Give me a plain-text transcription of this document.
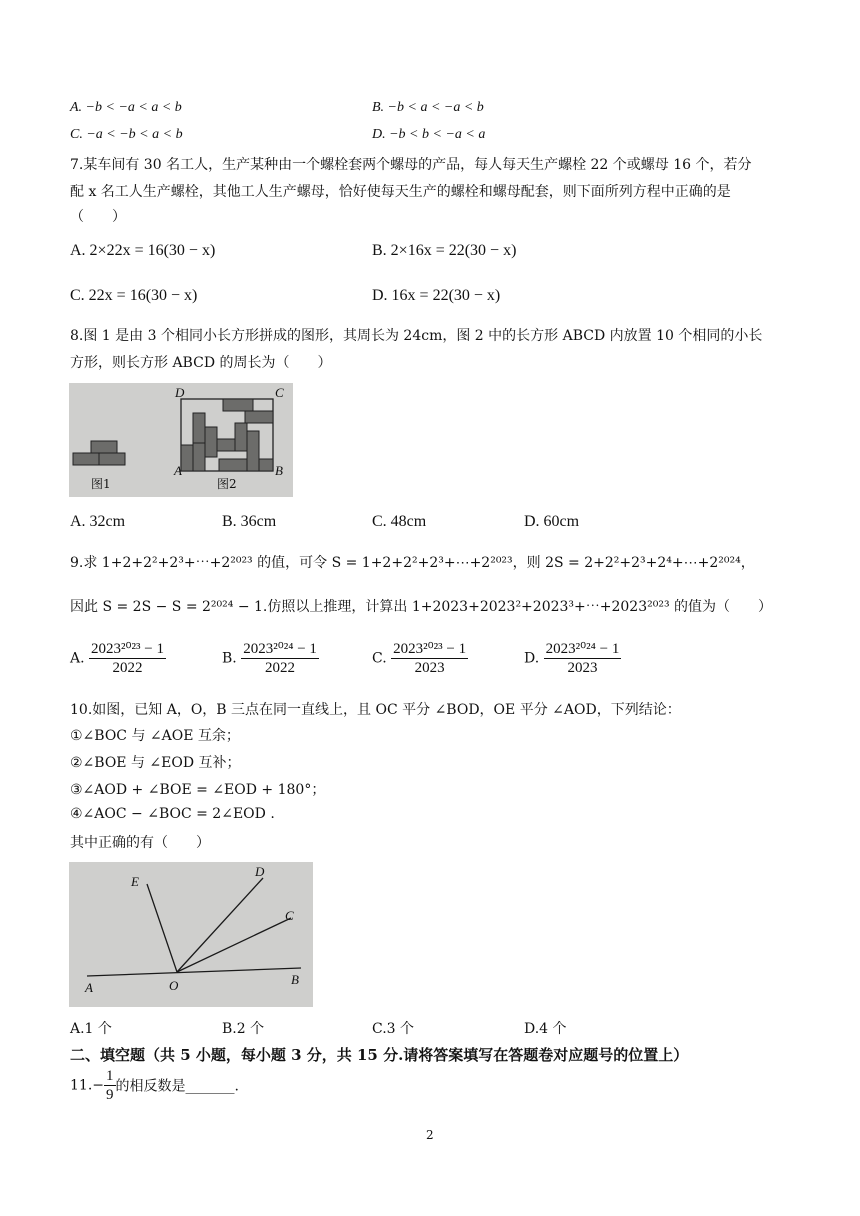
A. −b < −a < a < b	B. −b < a < −a < b
C. −a < −b < a < b	D. −b < b < −a < a
7.某车间有 30 名工人，生产某种由一个螺栓套两个螺母的产品，每人每天生产螺栓 22 个或螺母 16 个，若分
配 x 名工人生产螺栓，其他工人生产螺母，恰好使每天生产的螺栓和螺母配套，则下面所列方程中正确的是
（　　）
A. 2×22x = 16(30 − x)	B. 2×16x = 22(30 − x)
C. 22x = 16(30 − x)	D. 16x = 22(30 − x)
8.图 1 是由 3 个相同小长方形拼成的图形，其周长为 24cm，图 2 中的长方形 ABCD 内放置 10 个相同的小长
方形，则长方形 ABCD 的周长为（　　）
D	C
A	B
图1	图2
A. 32cm	B. 36cm	C. 48cm	D. 60cm
9.求 1+2+2²+2³+⋯+2²⁰²³ 的值，可令 S = 1+2+2²+2³+⋯+2²⁰²³，则 2S = 2+2²+2³+2⁴+⋯+2²⁰²⁴，
因此 S = 2S − S = 2²⁰²⁴ − 1.仿照以上推理，计算出 1+2023+2023²+2023³+⋯+2023²⁰²³ 的值为（　　）
A. $\frac{\text{2023²⁰²³ − 1}}{2022}$	B. $\frac{\text{2023²⁰²⁴ − 1}}{2022}$	C. $\frac{\text{2023²⁰²³ − 1}}{2023}$	D. $\frac{\text{2023²⁰²⁴ − 1}}{2023}$
10.如图，已知 A，O，B 三点在同一直线上，且 OC 平分 ∠BOD，OE 平分 ∠AOD，下列结论：
①∠BOC 与 ∠AOE 互余；
②∠BOE 与 ∠EOD 互补；
③∠AOD + ∠BOE = ∠EOD + 180°；
④∠AOC − ∠BOC = 2∠EOD .
其中正确的有（　　）
E
D
C
A	O	B
A.1 个	B.2 个	C.3 个	D.4 个
二、填空题（共 5 小题，每小题 3 分，共 15 分.请将答案填写在答题卷对应题号的位置上）
$11.- \frac{1}{9}$ 的相反数是_______.
2
